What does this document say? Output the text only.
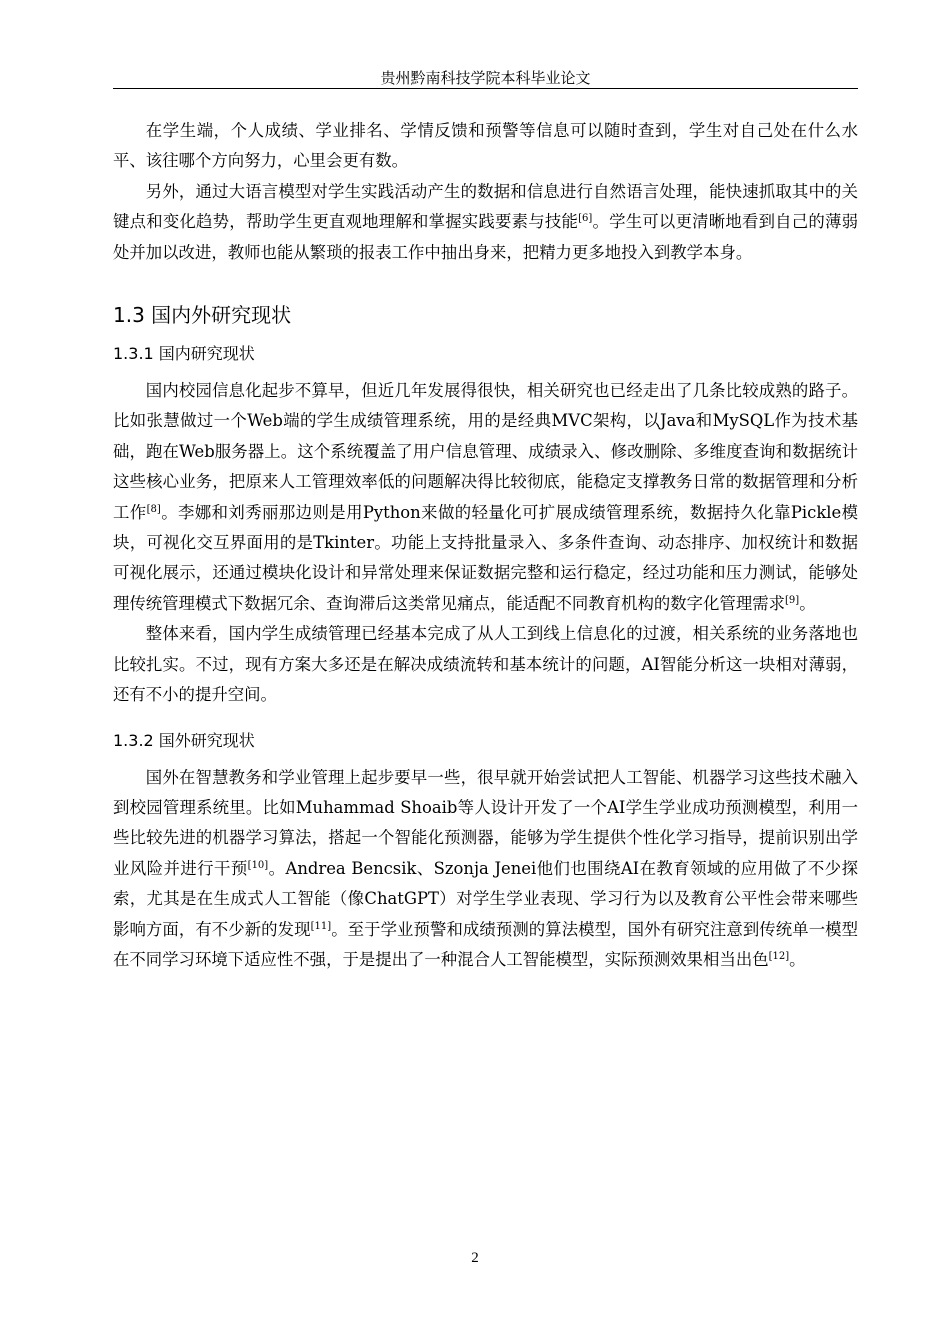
贵州黔南科技学院本科毕业论文

在学生端，个人成绩、学业排名、学情反馈和预警等信息可以随时查到，学生对自己处在什么水平、该往哪个方向努力，心里会更有数。

另外，通过大语言模型对学生实践活动产生的数据和信息进行自然语言处理，能快速抓取其中的关键点和变化趋势，帮助学生更直观地理解和掌握实践要素与技能[6]。学生可以更清晰地看到自己的薄弱处并加以改进，教师也能从繁琐的报表工作中抽出身来，把精力更多地投入到教学本身。

1.3 国内外研究现状
1.3.1 国内研究现状

国内校园信息化起步不算早，但近几年发展得很快，相关研究也已经走出了几条比较成熟的路子。比如张慧做过一个Web端的学生成绩管理系统，用的是经典MVC架构，以Java和MySQL作为技术基础，跑在Web服务器上。这个系统覆盖了用户信息管理、成绩录入、修改删除、多维度查询和数据统计这些核心业务，把原来人工管理效率低的问题解决得比较彻底，能稳定支撑教务日常的数据管理和分析工作[8]。李娜和刘秀丽那边则是用Python来做的轻量化可扩展成绩管理系统，数据持久化靠Pickle模块，可视化交互界面用的是Tkinter。功能上支持批量录入、多条件查询、动态排序、加权统计和数据可视化展示，还通过模块化设计和异常处理来保证数据完整和运行稳定，经过功能和压力测试，能够处理传统管理模式下数据冗余、查询滞后这类常见痛点，能适配不同教育机构的数字化管理需求[9]。

整体来看，国内学生成绩管理已经基本完成了从人工到线上信息化的过渡，相关系统的业务落地也比较扎实。不过，现有方案大多还是在解决成绩流转和基本统计的问题，AI智能分析这一块相对薄弱，还有不小的提升空间。

1.3.2 国外研究现状

国外在智慧教务和学业管理上起步要早一些，很早就开始尝试把人工智能、机器学习这些技术融入到校园管理系统里。比如Muhammad Shoaib等人设计开发了一个AI学生学业成功预测模型，利用一些比较先进的机器学习算法，搭起一个智能化预测器，能够为学生提供个性化学习指导，提前识别出学业风险并进行干预[10]。Andrea Bencsik、Szonja Jenei他们也围绕AI在教育领域的应用做了不少探索，尤其是在生成式人工智能（像ChatGPT）对学生学业表现、学习行为以及教育公平性会带来哪些影响方面，有不少新的发现[11]。至于学业预警和成绩预测的算法模型，国外有研究注意到传统单一模型在不同学习环境下适应性不强，于是提出了一种混合人工智能模型，实际预测效果相当出色[12]。

2
